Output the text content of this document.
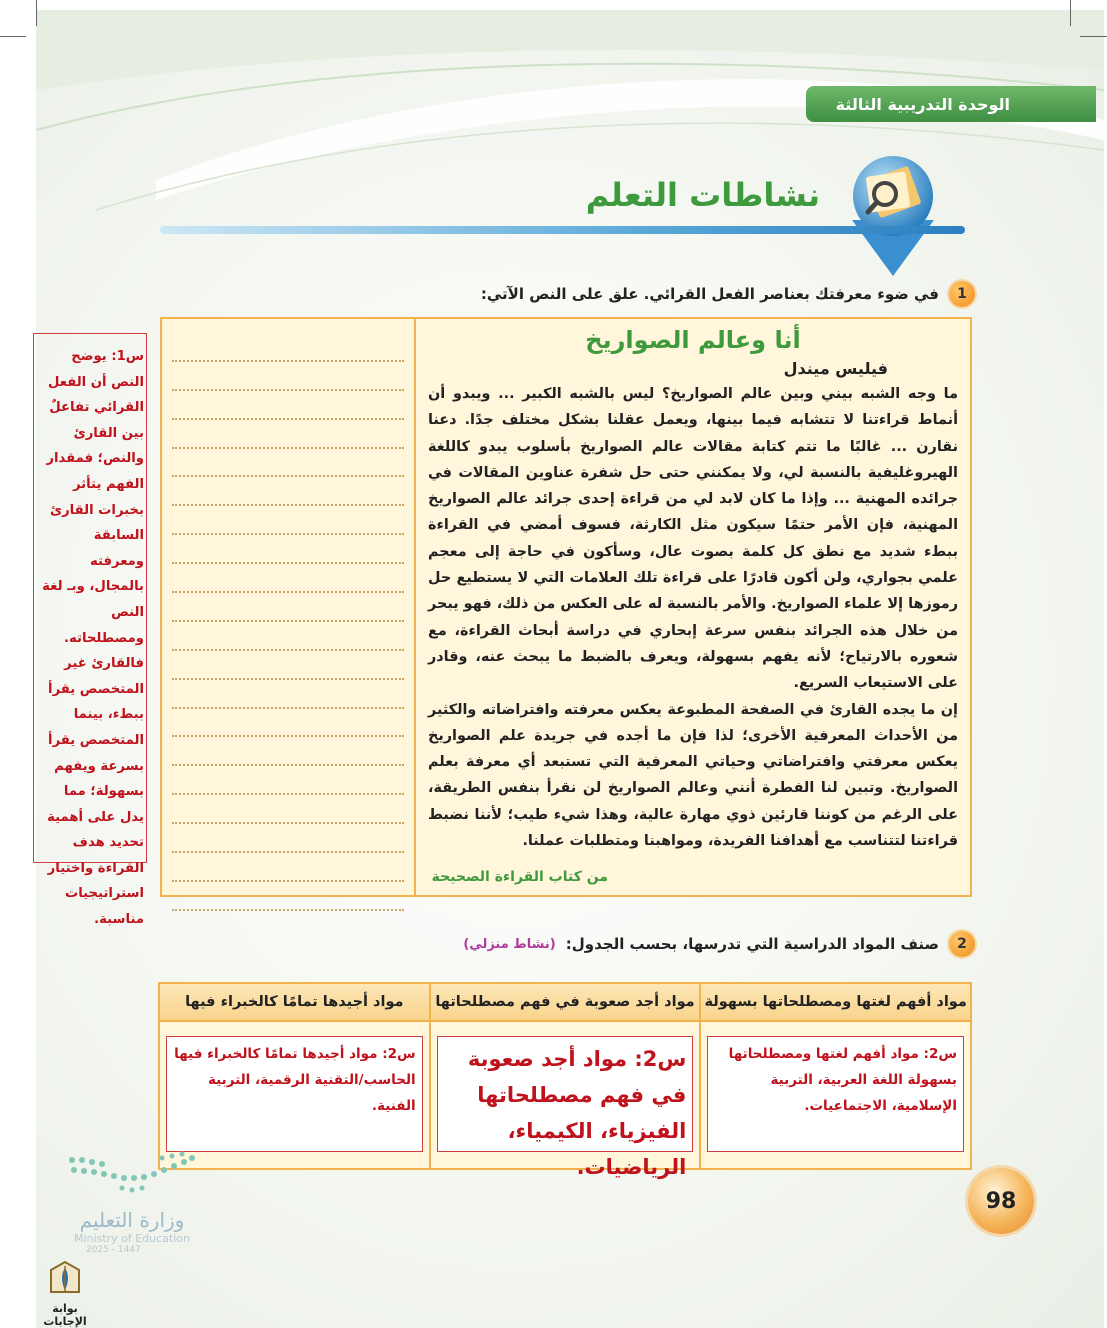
الوحدة التدريبية الثالثة
نشاطات التعلم
1
في ضوء معرفتك بعناصر الفعل القرائي. علق على النص الآتي:
أنا وعالم الصواريخ
فيليس ميندل

ما وجه الشبه بيني وبين عالم الصواريخ؟ ليس بالشبه الكبير ... ويبدو أن أنماط قراءتنا لا تتشابه فيما بينها، ويعمل عقلنا بشكل مختلف جدًا. دعنا نقارن ... غالبًا ما تتم كتابة مقالات عالم الصواريخ بأسلوب يبدو كاللغة الهيروغليفية بالنسبة لي، ولا يمكنني حتى حل شفرة عناوين المقالات في جرائده المهنية ... وإذا ما كان لابد لي من قراءة إحدى جرائد عالم الصواريخ المهنية، فإن الأمر حتمًا سيكون مثل الكارثة، فسوف أمضي في القراءة ببطء شديد مع نطق كل كلمة بصوت عال، وسأكون في حاجة إلى معجم علمي بجواري، ولن أكون قادرًا على قراءة تلك العلامات التي لا يستطيع حل رموزها إلا علماء الصواريخ. والأمر بالنسبة له على العكس من ذلك، فهو يبحر من خلال هذه الجرائد بنفس سرعة إبحاري في دراسة أبحاث القراءة، مع شعوره بالارتياح؛ لأنه يفهم بسهولة، ويعرف بالضبط ما يبحث عنه، وقادر على الاستيعاب السريع.

إن ما يجده القارئ في الصفحة المطبوعة يعكس معرفته وافتراضاته والكثير من الأحداث المعرفية الأخرى؛ لذا فإن ما أجده في جريدة علم الصواريخ يعكس معرفتي وافتراضاتي وحياتي المعرفية التي تستبعد أي معرفة بعلم الصواريخ. وتبين لنا الفطرة أنني وعالم الصواريخ لن نقرأ بنفس الطريقة، على الرغم من كوننا قارئين ذوي مهارة عالية، وهذا شيء طيب؛ لأننا نضبط قراءتنا لتتناسب مع أهدافنا الفريدة، ومواهبنا ومتطلبات عملنا.

من كتاب القراءة الصحيحة
س1: يوضح النص أن الفعل القرائي تفاعلٌ بين القارئ والنص؛ فمقدار الفهم يتأثر بخبرات القارئ السابقة ومعرفته بالمجال، وبـ لغة النص ومصطلحاته. فالقارئ غير المتخصص يقرأ ببطء، بينما المتخصص يقرأ بسرعة ويفهم بسهولة؛ مما يدل على أهمية تحديد هدف القراءة واختيار استراتيجيات مناسبة.
2
صنف المواد الدراسية التي تدرسها، بحسب الجدول:
(نشاط منزلي)
مواد أفهم لغتها ومصطلحاتها بسهولة
س2: مواد أفهم لغتها ومصطلحاتها بسهولة اللغة العربية، التربية الإسلامية، الاجتماعيات.
مواد أجد صعوبة في فهم مصطلحاتها
س2: مواد أجد صعوبة في فهم مصطلحاتها الفيزياء، الكيمياء، الرياضيات.
مواد أجيدها تمامًا كالخبراء فيها
س2: مواد أجيدها تمامًا كالخبراء فيها الحاسب/التقنية الرقمية، التربية الفنية.
98
وزارة التعليم
Ministry of Education
2025 - 1447
بوابة الإجابات
